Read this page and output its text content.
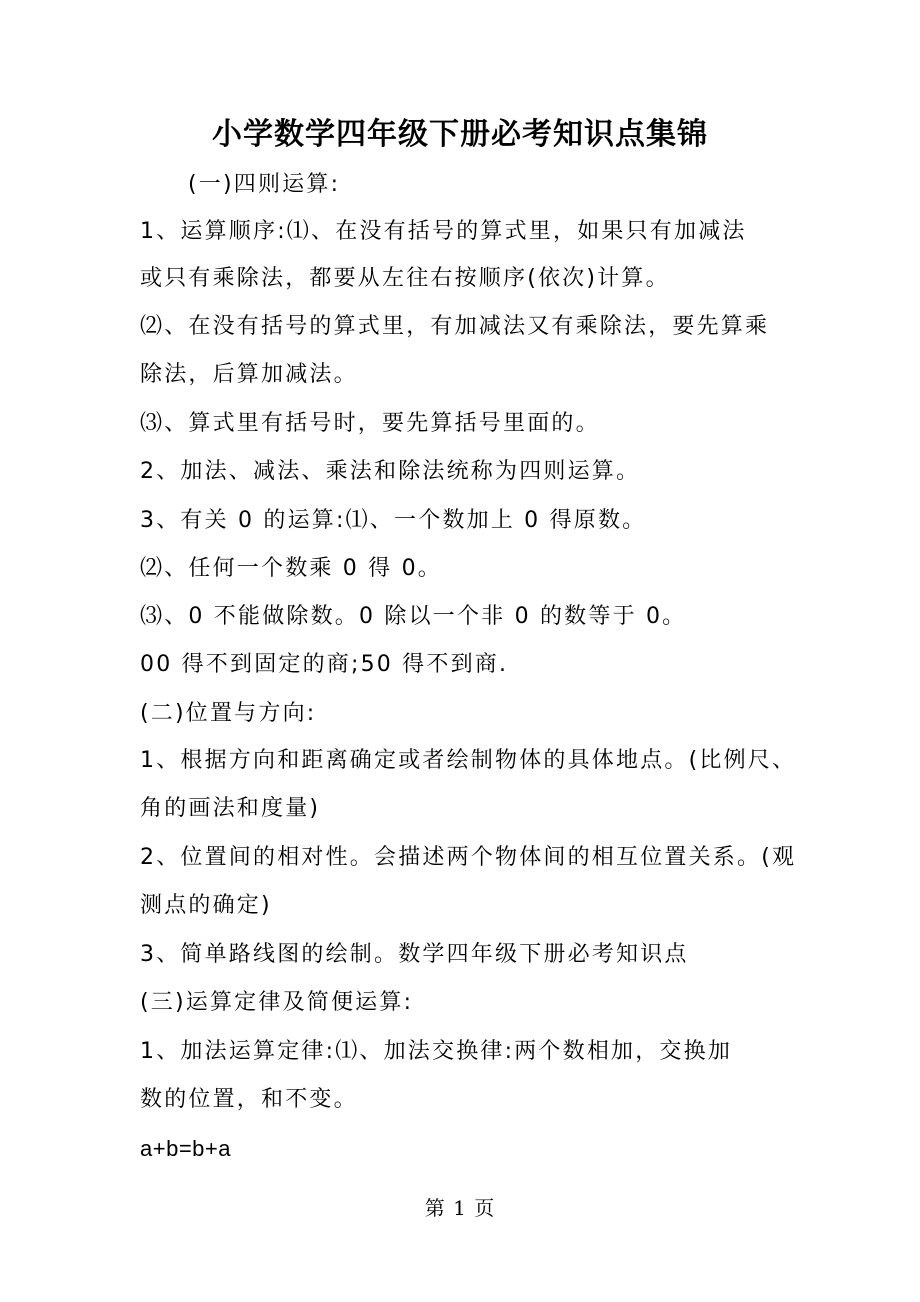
小学数学四年级下册必考知识点集锦
(一)四则运算:
1、运算顺序:⑴、在没有括号的算式里，如果只有加减法
或只有乘除法，都要从左往右按顺序(依次)计算。
⑵、在没有括号的算式里，有加减法又有乘除法，要先算乘
除法，后算加减法。
⑶、算式里有括号时，要先算括号里面的。
2、加法、减法、乘法和除法统称为四则运算。
3、有关 0 的运算:⑴、一个数加上 0 得原数。
⑵、任何一个数乘 0 得 0。
⑶、0 不能做除数。0 除以一个非 0 的数等于 0。
00 得不到固定的商;50 得不到商.
(二)位置与方向:
1、根据方向和距离确定或者绘制物体的具体地点。(比例尺、
角的画法和度量)
2、位置间的相对性。会描述两个物体间的相互位置关系。(观
测点的确定)
3、简单路线图的绘制。数学四年级下册必考知识点
(三)运算定律及简便运算:
1、加法运算定律:⑴、加法交换律:两个数相加，交换加
数的位置，和不变。
a+b=b+a
第 1 页
